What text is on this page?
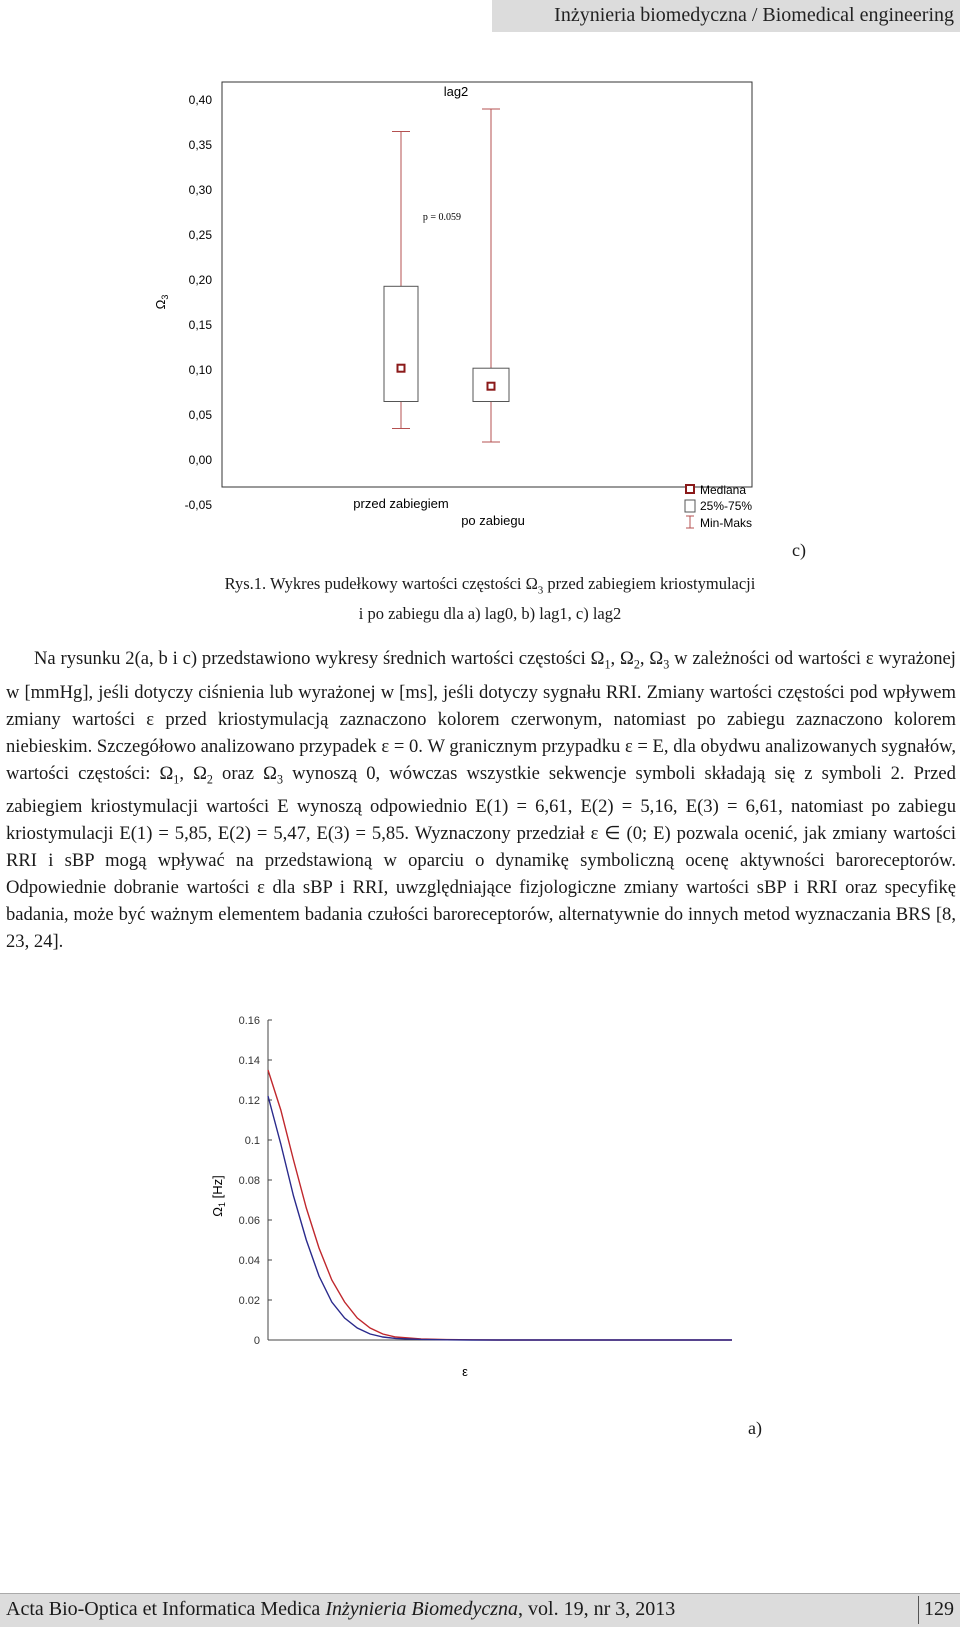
Inżynieria biomedyczna / Biomedical engineering
-0,05
0,00
0,05
0,10
0,15
0,20
0,25
0,30
0,35
0,40
lag2
p = 0.059
$\Omega_3$
przed zabiegiem
po zabiegu
Mediana
25%-75%
Min-Maks
c)
Rys.1. Wykres pudełkowy wartości częstości $\Omega_3$ przed zabiegiem kriostymulacji
i po zabiegu dla a) lag0, b) lag1, c) lag2

Na rysunku 2(a, b i c) przedstawiono wykresy średnich wartości częstości $\Omega_1$, $\Omega_2$, $\Omega_3$ w zależności od wartości ε wyrażonej w [mmHg], jeśli dotyczy ciśnienia lub wyrażonej w [ms], jeśli dotyczy sygnału RRI. Zmiany wartości częstości pod wpływem zmiany wartości ε przed kriostymulacją zaznaczono kolorem czerwonym, natomiast po zabiegu zaznaczono kolorem niebieskim. Szczegółowo analizowano przypadek ε = 0. W granicznym przypadku ε = E, dla obydwu analizowanych sygnałów, wartości częstości: $\Omega_1$, $\Omega_2$ oraz $\Omega_3$ wynoszą 0, wówczas wszystkie sekwencje symboli składają się z symboli 2. Przed zabiegiem kriostymulacji wartości E wynoszą odpowiednio E(1) = 6,61, E(2) = 5,16, E(3) = 6,61, natomiast po zabiegu kriostymulacji E(1) = 5,85, E(2) = 5,47, E(3) = 5,85. Wyznaczony przedział ε ∈ (0; E) pozwala ocenić, jak zmiany wartości RRI i sBP mogą wpływać na przedstawioną w oparciu o dynamikę symboliczną ocenę aktywności baroreceptorów. Odpowiednie dobranie wartości ε dla sBP i RRI, uwzględniające fizjologiczne zmiany wartości sBP i RRI oraz specyfikę badania, może być ważnym elementem badania czułości baroreceptorów, alternatywnie do innych metod wyznaczania BRS [8, 23, 24].

0
0.02
0.04
0.06
0.08
0.1
0.12
0.14
0.16
ε
$\Omega_1$ [Hz]
a)
Acta Bio-Optica et Informatica Medica Inżynieria Biomedyczna, vol. 19, nr 3, 2013	129
